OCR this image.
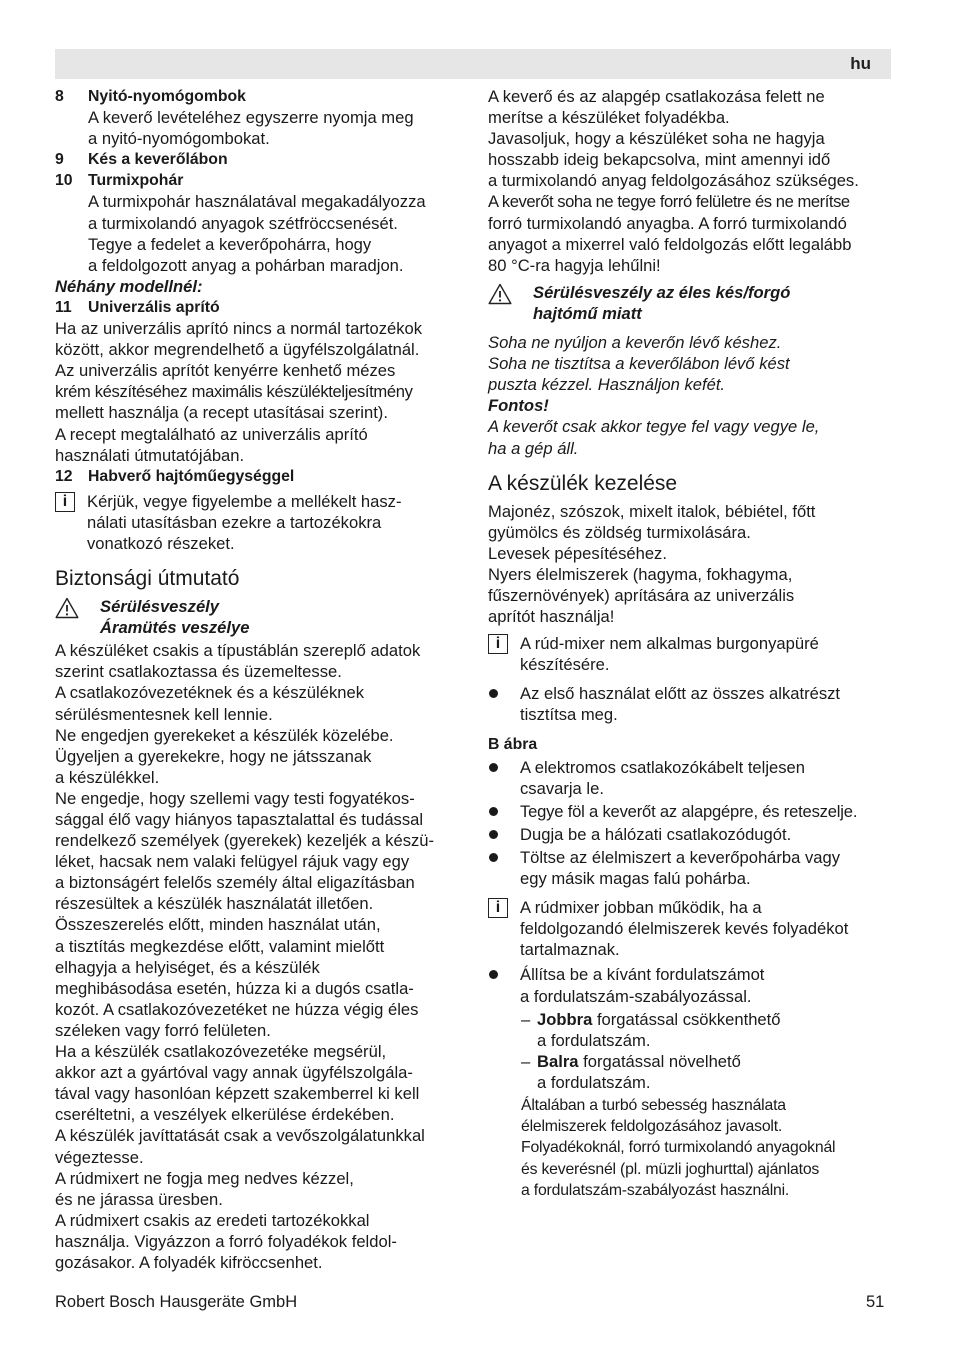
hu
8	Nyitó-nyomógombok

A keverő levételéhez egyszerre nyomja meg

a nyitó-nyomógombokat.

9	Kés a keverőlábon
10 Turmixpohár

A turmixpohár használatával megakadályozza

a turmixolandó anyagok szétfröccsenését.

Tegye a fedelet a keverőpohárra, hogy

a feldolgozott anyag a pohárban maradjon.

Néhány modellnél:

11	Univerzális aprító

Ha az univerzális aprító nincs a normál tartozékok

között, akkor megrendelhető a ügyfélszolgálatnál.

Az univerzális aprítót kenyérre kenhető mézes

krém készítéséhez maximális készülékteljesítmény

mellett használja (a recept utasításai szerint).

A recept megtalálható az univerzális aprító

használati útmutatójában.

12 Habverő hajtóműegységgel
i	Kérjük, vegye figyelembe a mellékelt hasz-

nálati utasításban ezekre a tartozékokra

vonatkozó részeket.

Biztonsági útmutató

Sérülésveszély

Áramütés veszélye

A készüléket csakis a típustáblán szereplő adatok

szerint csatlakoztassa és üzemeltesse.

A csatlakozóvezetéknek és a készüléknek

sérülésmentesnek kell lennie.

Ne engedjen gyerekeket a készülék közelébe.

Ügyeljen a gyerekekre, hogy ne játsszanak

a készülékkel.

Ne engedje, hogy szellemi vagy testi fogyatékos-

sággal élő vagy hiányos tapasztalattal és tudással

rendelkező személyek (gyerekek) kezeljék a készü-

léket, hacsak nem valaki felügyel rájuk vagy egy

a biztonságért felelős személy által eligazításban

részesültek a készülék használatát illetően.

Összeszerelés előtt, minden használat után,

a tisztítás megkezdése előtt, valamint mielőtt

elhagyja a helyiséget, és a készülék

meghibásodása esetén, húzza ki a dugós csatla-

kozót. A csatlakozóvezetéket ne húzza végig éles

széleken vagy forró felületen.

Ha a készülék csatlakozóvezetéke megsérül,

akkor azt a gyártóval vagy annak ügyfélszolgála-

tával vagy hasonlóan képzett szakemberrel ki kell

cseréltetni, a veszélyek elkerülése érdekében.

A készülék javíttatását csak a vevőszolgálatunkkal

végeztesse.

A rúdmixert ne fogja meg nedves kézzel,

és ne járassa üresben.

A rúdmixert csakis az eredeti tartozékokkal

használja. Vigyázzon a forró folyadékok feldol-

gozásakor. A folyadék kifröccsenhet.

A keverő és az alapgép csatlakozása felett ne

merítse a készüléket folyadékba.

Javasoljuk, hogy a készüléket soha ne hagyja

hosszabb ideig bekapcsolva, mint amennyi idő

a turmixolandó anyag feldolgozásához szükséges.

A keverőt soha ne tegye forró felületre és ne merítse

forró turmixolandó anyagba. A forró turmixolandó

anyagot a mixerrel való feldolgozás előtt legalább

80 °C-ra hagyja lehűlni!

Sérülésveszély az éles kés/forgó

hajtómű miatt

Soha ne nyúljon a keverőn lévő késhez.

Soha ne tisztítsa a keverőlábon lévő kést

puszta kézzel. Használjon kefét.

Fontos!

A keverőt csak akkor tegye fel vagy vegye le,

ha a gép áll.

A készülék kezelése

Majonéz, szószok, mixelt italok, bébiétel, főtt

gyümölcs és zöldség turmixolására.

Levesek pépesítéséhez.

Nyers élelmiszerek (hagyma, fokhagyma,

fűszernövények) aprítására az univerzális

aprítót használja!

i	A rúd-mixer nem alkalmas burgonyapüré

készítésére.

Az első használat előtt az összes alkatrészt

tisztítsa meg.

B ábra

A elektromos csatlakozókábelt teljesen

csavarja le.

Tegye föl a keverőt az alapgépre, és reteszelje.

Dugja be a hálózati csatlakozódugót.

Töltse az élelmiszert a keverőpohárba vagy

egy másik magas falú pohárba.

i	A rúdmixer jobban működik, ha a

feldolgozandó élelmiszerek kevés folyadékot

tartalmaznak.

Állítsa be a kívánt fordulatszámot

a fordulatszám-szabályozással.

– Jobbra forgatással csökkenthető

a fordulatszám.

– Balra forgatással növelhető

a fordulatszám.

Általában a turbó sebesség használata

élelmiszerek feldolgozásához javasolt.

Folyadékoknál, forró turmixolandó anyagoknál

és keverésnél (pl. müzli joghurttal) ajánlatos

a fordulatszám-szabályozást használni.

Robert Bosch Hausgeräte GmbH	51
